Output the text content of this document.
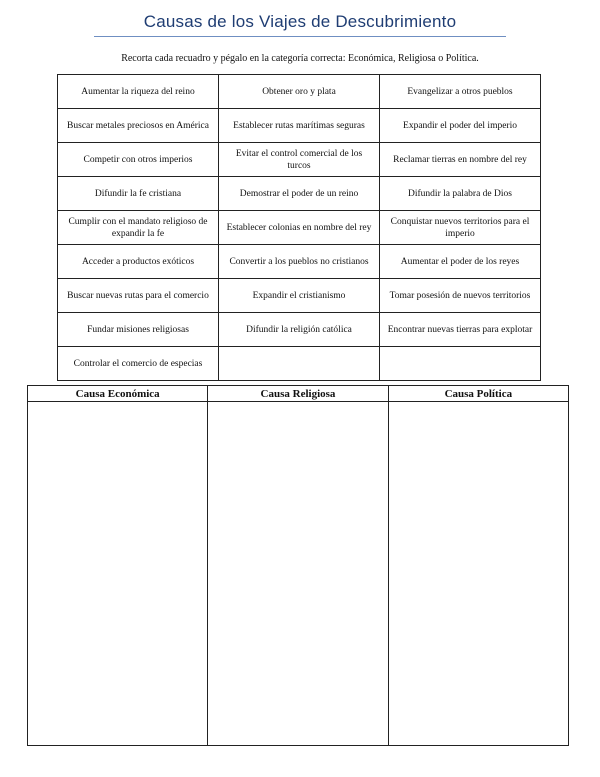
Causas de los Viajes de Descubrimiento
Recorta cada recuadro y pégalo en la categoría correcta: Económica, Religiosa o Política.
Aumentar la riqueza del reino	Obtener oro y plata	Evangelizar a otros pueblos
Buscar metales preciosos en América	Establecer rutas marítimas seguras	Expandir el poder del imperio
Competir con otros imperios	Evitar el control comercial de los turcos	Reclamar tierras en nombre del rey
Difundir la fe cristiana	Demostrar el poder de un reino	Difundir la palabra de Dios
Cumplir con el mandato religioso de expandir la fe	Establecer colonias en nombre del rey	Conquistar nuevos territorios para el imperio
Acceder a productos exóticos	Convertir a los pueblos no cristianos	Aumentar el poder de los reyes
Buscar nuevas rutas para el comercio	Expandir el cristianismo	Tomar posesión de nuevos territorios
Fundar misiones religiosas	Difundir la religión católica	Encontrar nuevas tierras para explotar
Controlar el comercio de especias		
Causa Económica	Causa Religiosa	Causa Política
